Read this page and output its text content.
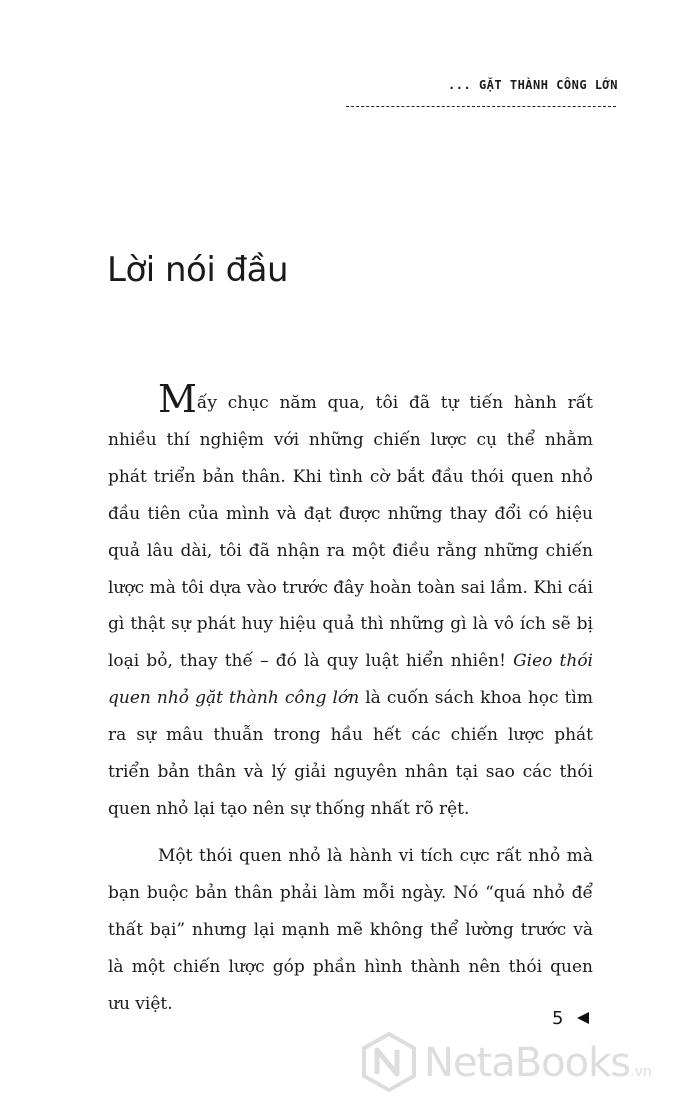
... GẶT THÀNH CÔNG LỚN
Lời nói đầu

Mấy chục năm qua, tôi đã tự tiến hành rất nhiều thí nghiệm với những chiến lược cụ thể nhằm phát triển bản thân. Khi tình cờ bắt đầu thói quen nhỏ đầu tiên của mình và đạt được những thay đổi có hiệu quả lâu dài, tôi đã nhận ra một điều rằng những chiến lược mà tôi dựa vào trước đây hoàn toàn sai lầm. Khi cái gì thật sự phát huy hiệu quả thì những gì là vô ích sẽ bị loại bỏ, thay thế – đó là quy luật hiển nhiên! Gieo thói quen nhỏ gặt thành công lớn là cuốn sách khoa học tìm ra sự mâu thuẫn trong hầu hết các chiến lược phát triển bản thân và lý giải nguyên nhân tại sao các thói quen nhỏ lại tạo nên sự thống nhất rõ rệt.

Một thói quen nhỏ là hành vi tích cực rất nhỏ mà bạn buộc bản thân phải làm mỗi ngày. Nó “quá nhỏ để thất bại” nhưng lại mạnh mẽ không thể lường trước và là một chiến lược góp phần hình thành nên thói quen ưu việt.

5
NetaBooks.vn
